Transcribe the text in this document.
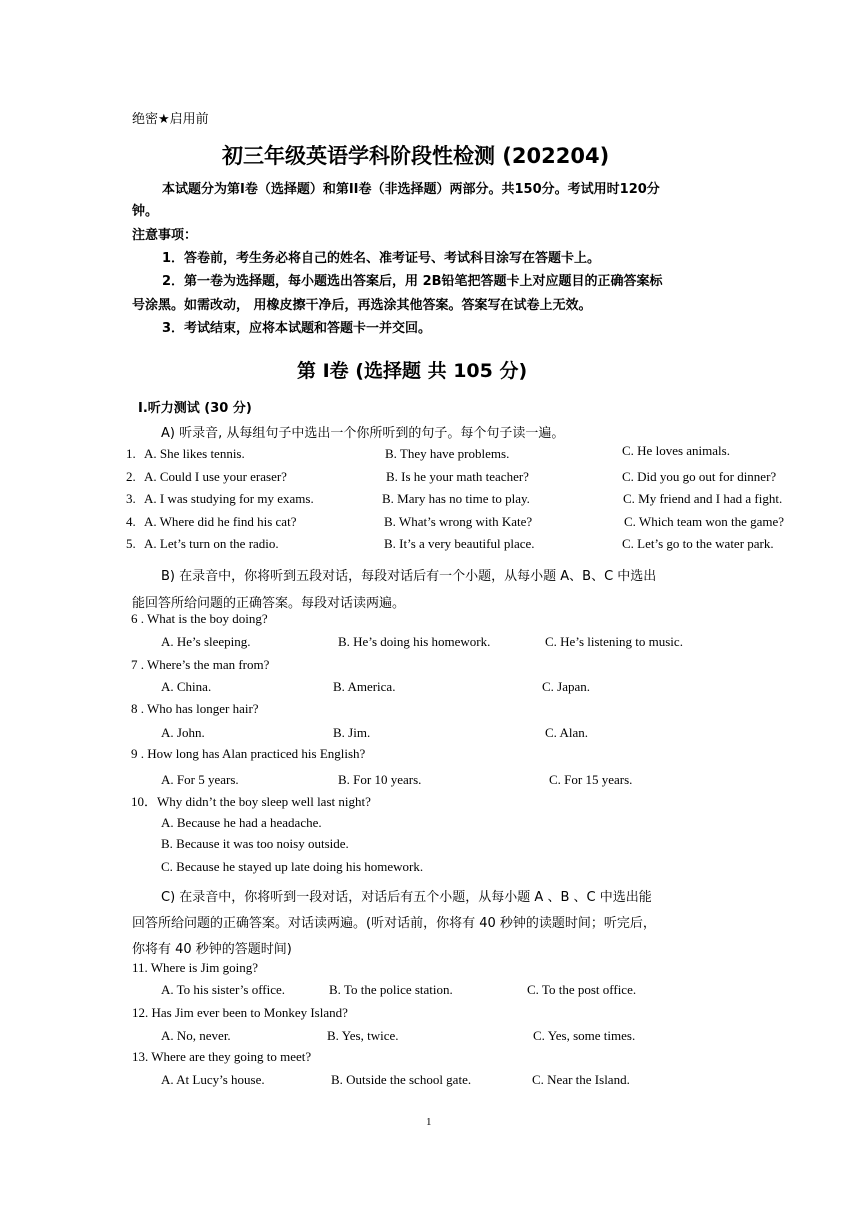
绝密★启用前
初三年级英语学科阶段性检测 (202204)
本试题分为第I卷（选择题）和第II卷（非选择题）两部分。共150分。考试用时120分
钟。
注意事项：
1．答卷前，考生务必将自己的姓名、准考证号、考试科目涂写在答题卡上。
2．第一卷为选择题，每小题选出答案后，用 2B铅笔把答题卡上对应题目的正确答案标
号涂黑。如需改动， 用橡皮擦干净后，再选涂其他答案。答案写在试卷上无效。
3．考试结束，应将本试题和答题卡一并交回。
第 Ⅰ卷 (选择题 共 105 分)
Ⅰ.听力测试 (30 分)
A) 听录音, 从每组句子中选出一个你所听到的句子。每个句子读一遍。
1. A. She likes tennis.	B. They have problems.	C. He loves animals.
2. A. Could I use your eraser?	B. Is he your math teacher?	C. Did you go out for dinner?
3. A. I was studying for my exams.	B. Mary has no time to play.	C. My friend and I had a fight.
4. A. Where did he find his cat?	B. What’s wrong with Kate?	C. Which team won the game?
5. A. Let’s turn on the radio.	B. It’s a very beautiful place.	C. Let’s go to the water park.
B) 在录音中，你将听到五段对话，每段对话后有一个小题，从每小题 A、B、C 中选出
能回答所给问题的正确答案。每段对话读两遍。
6 . What is the boy doing?
A. He’s sleeping.	B. He’s doing his homework.	C. He’s listening to music.
7 . Where’s the man from?
A. China.	B. America.	C. Japan.
8 . Who has longer hair?
A. John.	B. Jim.	C. Alan.
9 . How long has Alan practiced his English?
A. For 5 years.	B. For 10 years.	C. For 15 years.
10．Why didn’t the boy sleep well last night?
A. Because he had a headache.
B. Because it was too noisy outside.
C. Because he stayed up late doing his homework.
C) 在录音中，你将听到一段对话，对话后有五个小题，从每小题 A 、B 、C 中选出能
回答所给问题的正确答案。对话读两遍。(听对话前，你将有 40 秒钟的读题时间；听完后，
你将有 40 秒钟的答题时间)
11. Where is Jim going?
A. To his sister’s office.	B. To the police station.	C. To the post office.
12. Has Jim ever been to Monkey Island?
A. No, never.	B. Yes, twice.	C. Yes, some times.
13. Where are they going to meet?
A. At Lucy’s house.	B. Outside the school gate.	C. Near the Island.
1
